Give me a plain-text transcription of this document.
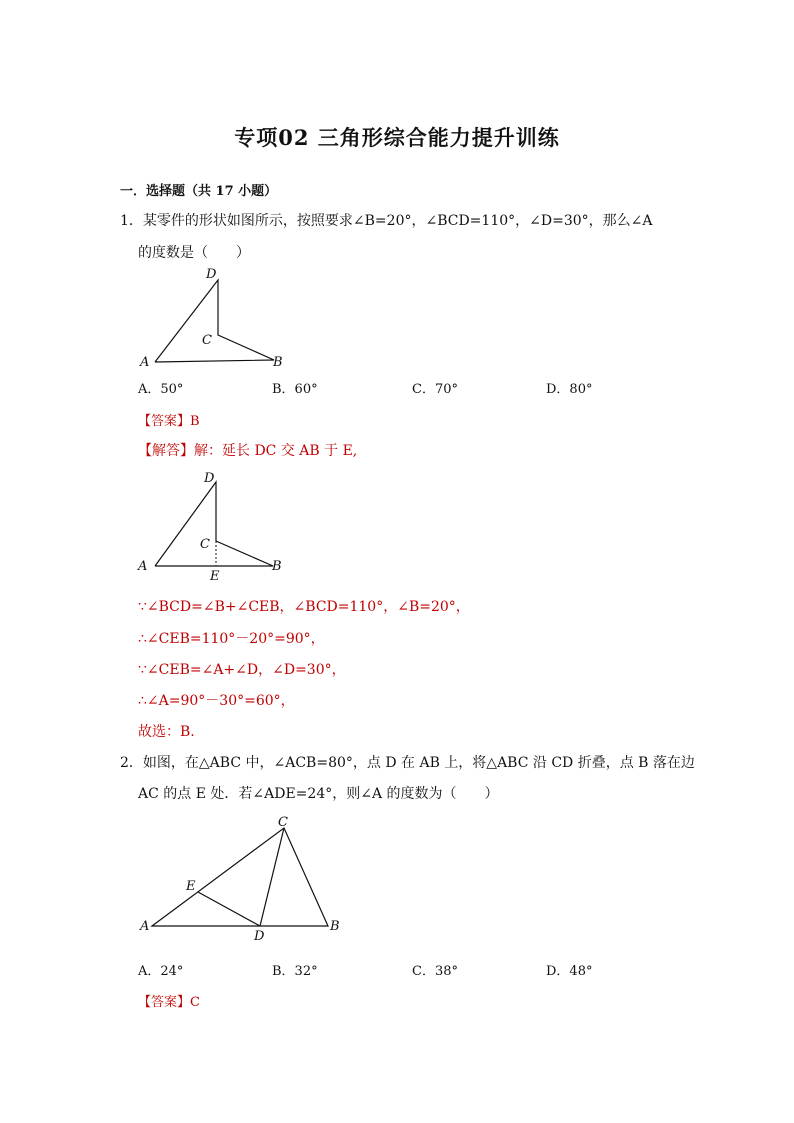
专项02 三角形综合能力提升训练
一．选择题（共 17 小题）
1．某零件的形状如图所示，按照要求∠B=20°，∠BCD=110°，∠D=30°，那么∠A
的度数是（　　）
D
C
A	B
A．50°	B．60°	C．70°	D．80°
【答案】B
【解答】解：延长 DC 交 AB 于 E,
D
C
A	B
E
∵∠BCD=∠B+∠CEB，∠BCD=110°，∠B=20°，
∴∠CEB=110°－20°=90°，
∵∠CEB=∠A+∠D，∠D=30°，
∴∠A=90°－30°=60°，
故选：B.
2．如图，在△ABC 中，∠ACB=80°，点 D 在 AB 上，将△ABC 沿 CD 折叠，点 B 落在边
AC 的点 E 处．若∠ADE=24°，则∠A 的度数为（　　）
C
E
A
D
B
A．24°	B．32°	C．38°	D．48°
【答案】C
